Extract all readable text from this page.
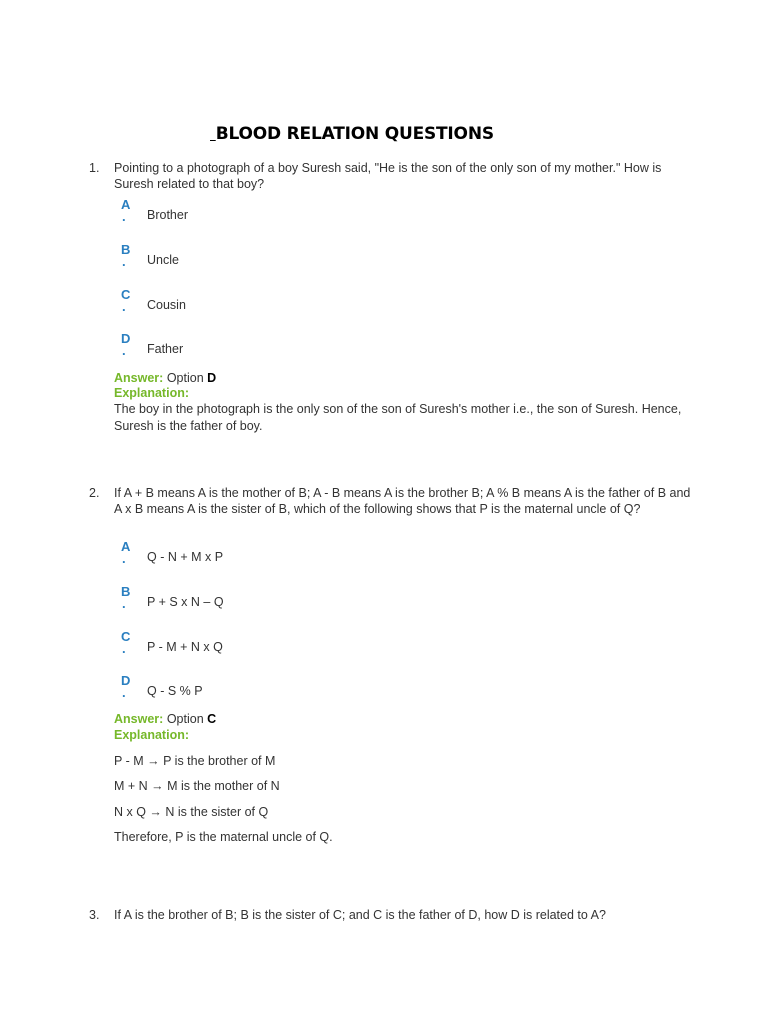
BLOOD RELATION QUESTIONS
1. Pointing to a photograph of a boy Suresh said, "He is the son of the only son of my mother." How is Suresh related to that boy?
A
. Brother
B
. Uncle
C
. Cousin
D
. Father
Answer: Option D
Explanation:
The boy in the photograph is the only son of the son of Suresh's mother i.e., the son of Suresh. Hence, Suresh is the father of boy.
2. If A + B means A is the mother of B; A - B means A is the brother B; A % B means A is the father of B and A x B means A is the sister of B, which of the following shows that P is the maternal uncle of Q?
A
. Q - N + M x P
B
. P + S x N – Q
C
. P - M + N x Q
D
. Q - S % P
Answer: Option C
Explanation:
P - M → P is the brother of M
M + N → M is the mother of N
N x Q → N is the sister of Q
Therefore, P is the maternal uncle of Q.
3. If A is the brother of B; B is the sister of C; and C is the father of D, how D is related to A?
